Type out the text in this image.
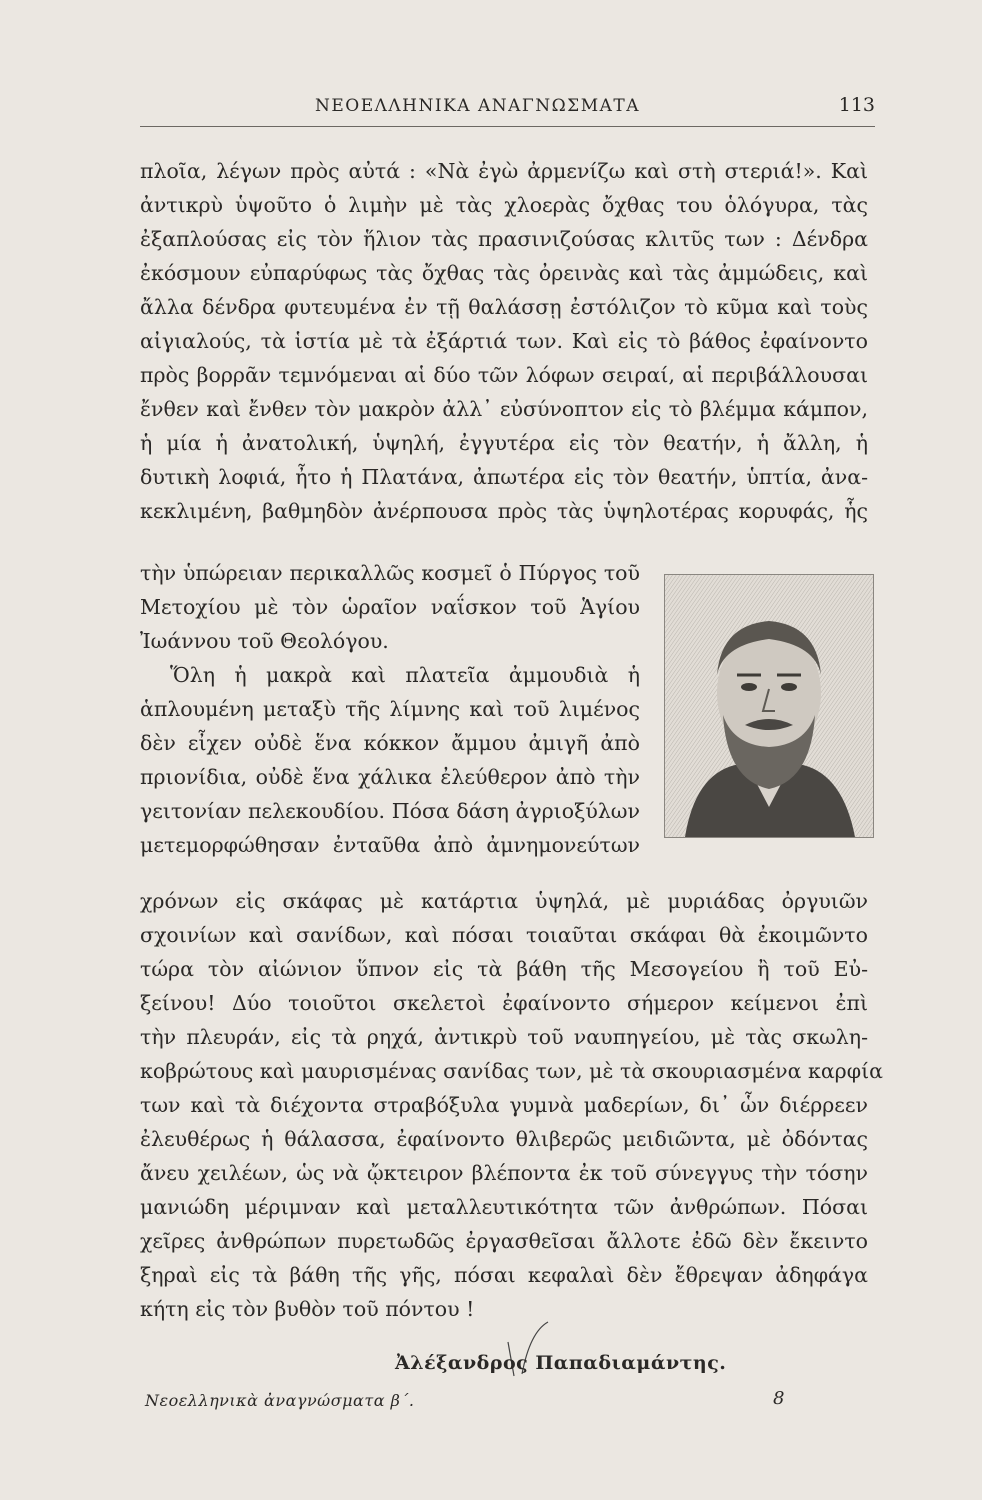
ΝΕΟΕΛΛΗΝΙΚΑ ΑΝΑΓΝΩΣΜΑΤΑ	113
πλοῖα, λέγων πρὸς αὐτά : «Νὰ ἐγὼ ἀρμενίζω καὶ στὴ στεριά!». Καὶ
ἀντικρὺ ὑψοῦτο ὁ λιμὴν μὲ τὰς χλοερὰς ὄχθας του ὁλόγυρα, τὰς
ἐξαπλούσας εἰς τὸν ἥλιον τὰς πρασινιζούσας κλιτῦς των : Δένδρα
ἐκόσμουν εὐπαρύφως τὰς ὄχθας τὰς ὀρεινὰς καὶ τὰς ἀμμώδεις, καὶ
ἄλλα δένδρα φυτευμένα ἐν τῇ θαλάσσῃ ἐστόλιζον τὸ κῦμα καὶ τοὺς
αἰγιαλούς, τὰ ἱστία μὲ τὰ ἐξάρτιά των. Καὶ εἰς τὸ βάθος ἐφαίνοντο
πρὸς βορρᾶν τεμνόμεναι αἱ δύο τῶν λόφων σειραί, αἱ περιβάλλουσαι
ἔνθεν καὶ ἔνθεν τὸν μακρὸν ἀλλ᾽ εὐσύνοπτον εἰς τὸ βλέμμα κάμπον,
ἡ μία ἡ ἀνατολική, ὑψηλή, ἐγγυτέρα εἰς τὸν θεατήν, ἡ ἄλλη, ἡ
δυτικὴ λοφιά, ἦτο ἡ Πλατάνα, ἀπωτέρα εἰς τὸν θεατήν, ὑπτία, ἀνα-
κεκλιμένη, βαθμηδὸν ἀνέρπουσα πρὸς τὰς ὑψηλοτέρας κορυφάς, ἧς
τὴν ὑπώρειαν περικαλλῶς κοσμεῖ ὁ Πύργος τοῦ
Μετοχίου μὲ τὸν ὡραῖον ναΐσκον τοῦ Ἁγίου
Ἰωάννου τοῦ Θεολόγου.
Ὅλη ἡ μακρὰ καὶ πλατεῖα ἀμμουδιὰ ἡ
ἁπλουμένη μεταξὺ τῆς λίμνης καὶ τοῦ λιμένος
δὲν εἶχεν οὐδὲ ἕνα κόκκον ἄμμου ἀμιγῆ ἀπὸ
πριονίδια, οὐδὲ ἕνα χάλικα ἐλεύθερον ἀπὸ τὴν
γειτονίαν πελεκουδίου. Πόσα δάση ἀγριοξύλων
μετεμορφώθησαν ἐνταῦθα ἀπὸ ἀμνημονεύτων
χρόνων εἰς σκάφας μὲ κατάρτια ὑψηλά, μὲ μυριάδας ὀργυιῶν
σχοινίων καὶ σανίδων, καὶ πόσαι τοιαῦται σκάφαι θὰ ἐκοιμῶντο
τώρα τὸν αἰώνιον ὕπνον εἰς τὰ βάθη τῆς Μεσογείου ἢ τοῦ Εὐ-
ξείνου! Δύο τοιοῦτοι σκελετοὶ ἐφαίνοντο σήμερον κείμενοι ἐπὶ
τὴν πλευράν, εἰς τὰ ρηχά, ἀντικρὺ τοῦ ναυπηγείου, μὲ τὰς σκωλη-
κοβρώτους καὶ μαυρισμένας σανίδας των, μὲ τὰ σκουριασμένα καρφία
των καὶ τὰ διέχοντα στραβόξυλα γυμνὰ μαδερίων, δι᾽ ὧν διέρρεεν
ἐλευθέρως ἡ θάλασσα, ἐφαίνοντο θλιβερῶς μειδιῶντα, μὲ ὀδόντας
ἄνευ χειλέων, ὡς νὰ ᾤκτειρον βλέποντα ἐκ τοῦ σύνεγγυς τὴν τόσην
μανιώδη μέριμναν καὶ μεταλλευτικότητα τῶν ἀνθρώπων. Πόσαι
χεῖρες ἀνθρώπων πυρετωδῶς ἐργασθεῖσαι ἄλλοτε ἐδῶ δὲν ἔκειντο
ξηραὶ εἰς τὰ βάθη τῆς γῆς, πόσαι κεφαλαὶ δὲν ἔθρεψαν ἀδηφάγα
κήτη εἰς τὸν βυθὸν τοῦ πόντου !
Ἀλέξανδρος Παπαδιαμάντης.
Νεοελληνικὰ ἀναγνώσματα β΄.	8
